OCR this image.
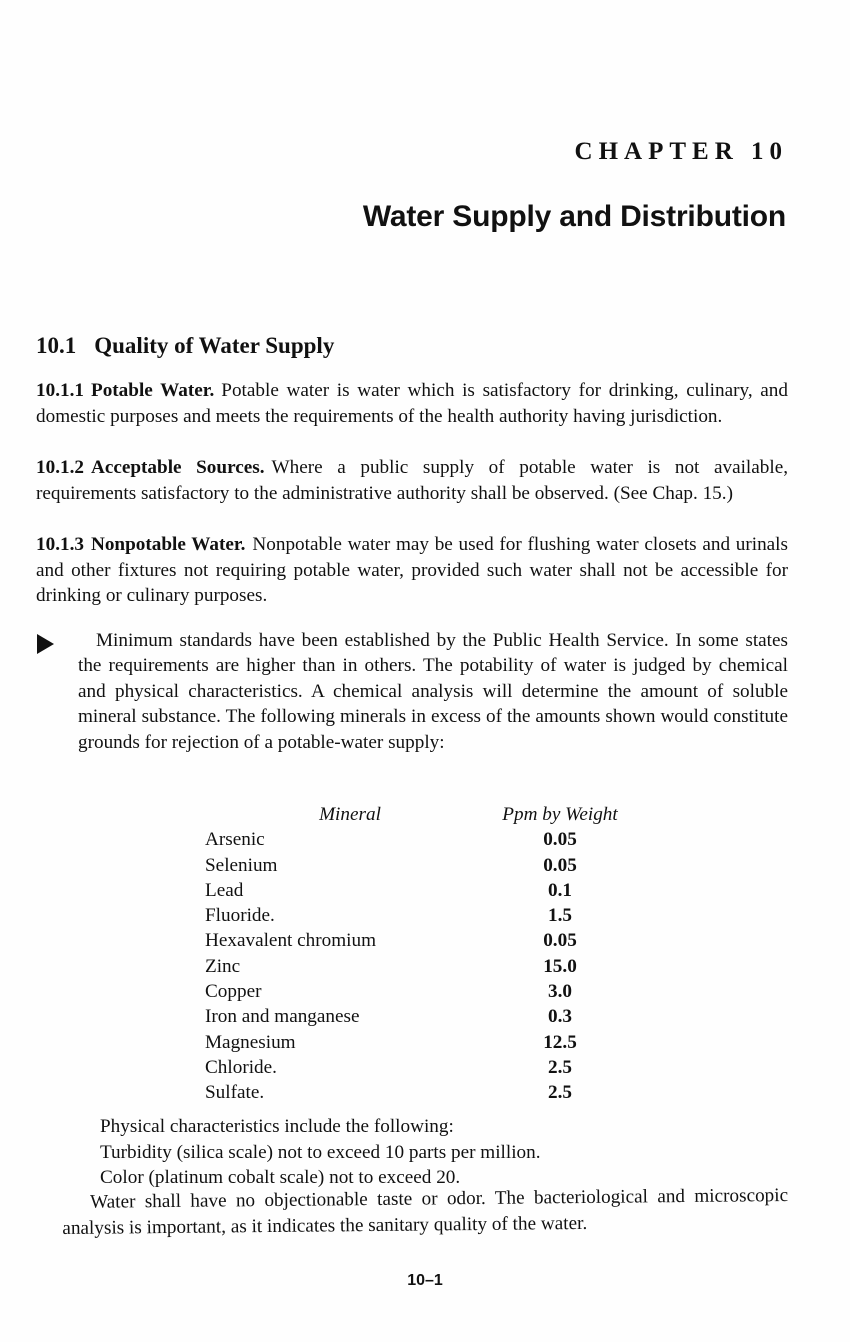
CHAPTER 10
Water Supply and Distribution
10.1 Quality of Water Supply

10.1.1 Potable Water. Potable water is water which is satisfactory for drinking, culinary, and domestic purposes and meets the requirements of the health authority having jurisdiction.

10.1.2 Acceptable Sources. Where a public supply of potable water is not available, requirements satisfactory to the administrative authority shall be observed. (See Chap. 15.)

10.1.3 Nonpotable Water. Nonpotable water may be used for flushing water closets and urinals and other fixtures not requiring potable water, provided such water shall not be accessible for drinking or culinary purposes.

Minimum standards have been established by the Public Health Service. In some states the requirements are higher than in others. The potability of water is judged by chemical and physical characteristics. A chemical analysis will determine the amount of soluble mineral substance. The following minerals in excess of the amounts shown would constitute grounds for rejection of a potable-water supply:

Mineral	Ppm by Weight
Arsenic	0.05
Selenium	0.05
Lead	0.1
Fluoride.	1.5
Hexavalent chromium	0.05
Zinc	15.0
Copper	3.0
Iron and manganese	0.3
Magnesium	12.5
Chloride.	2.5
Sulfate.	2.5
Physical characteristics include the following:
Turbidity (silica scale) not to exceed 10 parts per million.
Color (platinum cobalt scale) not to exceed 20.

Water shall have no objectionable taste or odor. The bacteriological and microscopic analysis is important, as it indicates the sanitary quality of the water.

10–1
